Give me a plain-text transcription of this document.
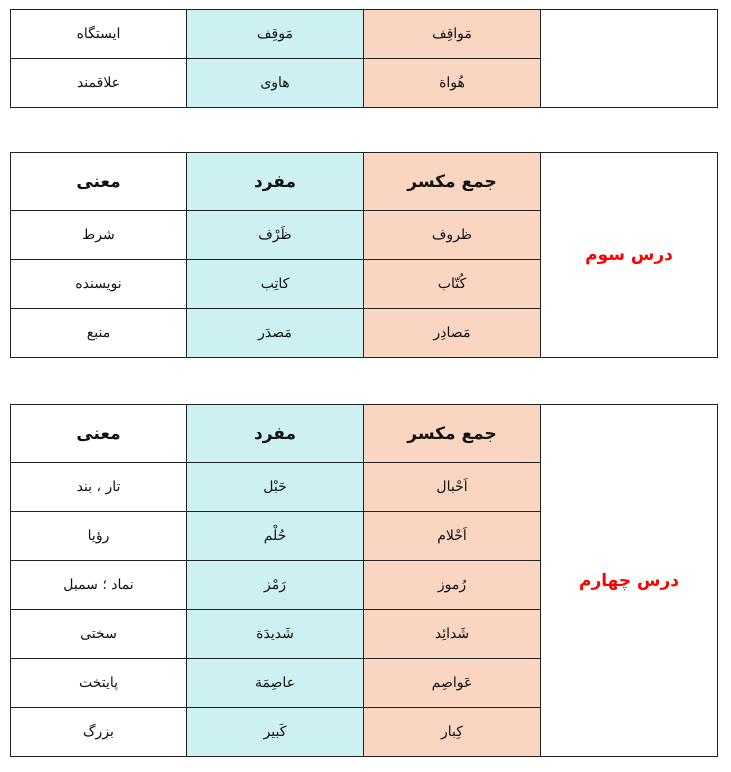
	مَواقِف	مَوقِف	ایستگاه
	هُواة	هاوی	علاقمند
درس سوم	جمع مکسر	مفرد	معنی
	ظروف	ظَرْف	شرط
	کُتّاب	کاتِب	نویسنده
	مَصادِر	مَصدَر	منبع
درس چهارم	جمع مکسر	مفرد	معنی
	اَحْبال	حَبْل	تار ، بند
	اَحْلام	حُلْم	رؤیا
	رُموز	رَمْز	نماد ؛ سمبل
	شَدائِد	شَدیدَة	سختی
	عَواصِم	عاصِمَة	پایتخت
	کِبار	کَبیر	بزرگ
